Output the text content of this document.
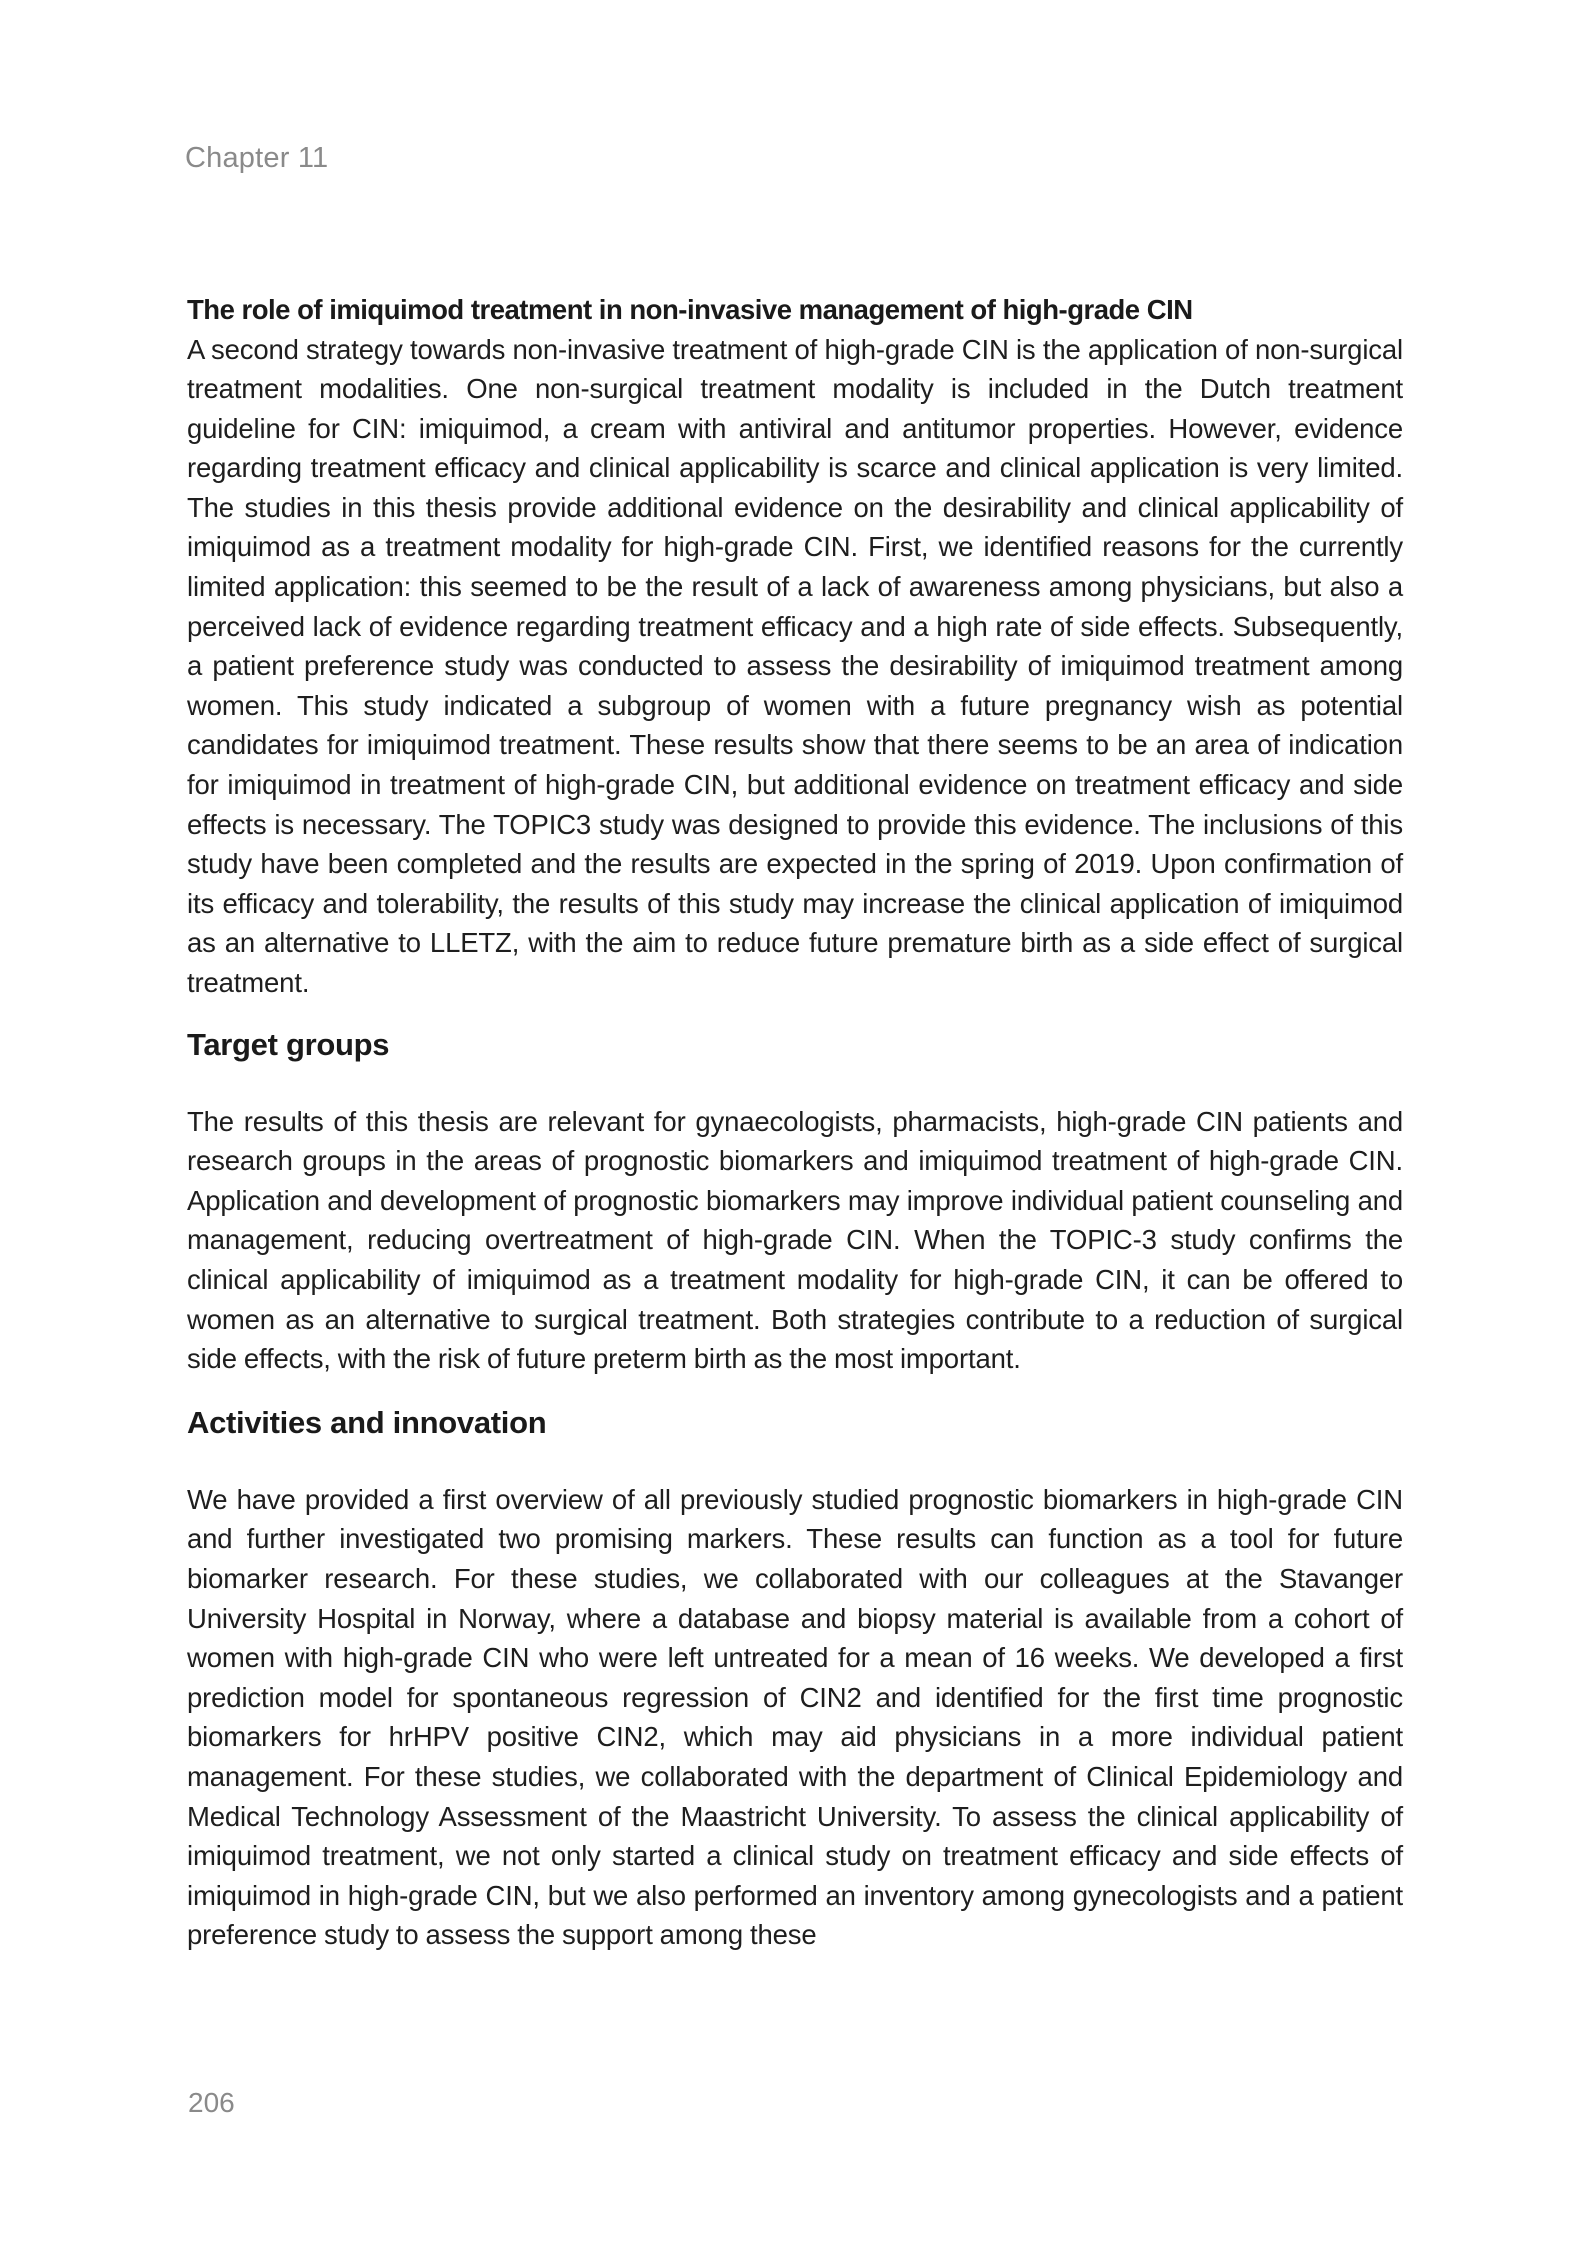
Chapter 11
The role of imiquimod treatment in non-invasive management of high-grade CIN

A second strategy towards non-invasive treatment of high-grade CIN is the application of non-surgical treatment modalities. One non-surgical treatment modality is included in the Dutch treatment guideline for CIN: imiquimod, a cream with antiviral and antitumor properties. However, evidence regarding treatment efficacy and clinical applicability is scarce and clinical application is very limited. The studies in this thesis provide additional evidence on the desirability and clinical applicability of imiquimod as a treatment modality for high-grade CIN. First, we identified reasons for the currently limited application: this seemed to be the result of a lack of awareness among physicians, but also a perceived lack of evidence regarding treatment efficacy and a high rate of side effects. Subsequently, a patient preference study was conducted to assess the desirability of imiquimod treatment among women. This study indicated a subgroup of women with a future pregnancy wish as potential candidates for imiquimod treatment. These results show that there seems to be an area of indication for imiquimod in treatment of high-grade CIN, but additional evidence on treatment efficacy and side effects is necessary. The TOPIC3 study was designed to provide this evidence. The inclusions of this study have been completed and the results are expected in the spring of 2019. Upon confirmation of its efficacy and tolerability, the results of this study may increase the clinical application of imiquimod as an alternative to LLETZ, with the aim to reduce future premature birth as a side effect of surgical treatment.

Target groups

The results of this thesis are relevant for gynaecologists, pharmacists, high-grade CIN patients and research groups in the areas of prognostic biomarkers and imiquimod treatment of high-grade CIN. Application and development of prognostic biomarkers may improve individual patient counseling and management, reducing overtreatment of high-grade CIN. When the TOPIC-3 study confirms the clinical applicability of imiquimod as a treatment modality for high-grade CIN, it can be offered to women as an alternative to surgical treatment. Both strategies contribute to a reduction of surgical side effects, with the risk of future preterm birth as the most important.

Activities and innovation

We have provided a first overview of all previously studied prognostic biomarkers in high-grade CIN and further investigated two promising markers. These results can function as a tool for future biomarker research. For these studies, we collaborated with our colleagues at the Stavanger University Hospital in Norway, where a database and biopsy material is available from a cohort of women with high-grade CIN who were left untreated for a mean of 16 weeks. We developed a first prediction model for spontaneous regression of CIN2 and identified for the first time prognostic biomarkers for hrHPV positive CIN2, which may aid physicians in a more individual patient management. For these studies, we collaborated with the department of Clinical Epidemiology and Medical Technology Assessment of the Maastricht University. To assess the clinical applicability of imiquimod treatment, we not only started a clinical study on treatment efficacy and side effects of imiquimod in high-grade CIN, but we also performed an inventory among gynecologists and a patient preference study to assess the support among these

206
